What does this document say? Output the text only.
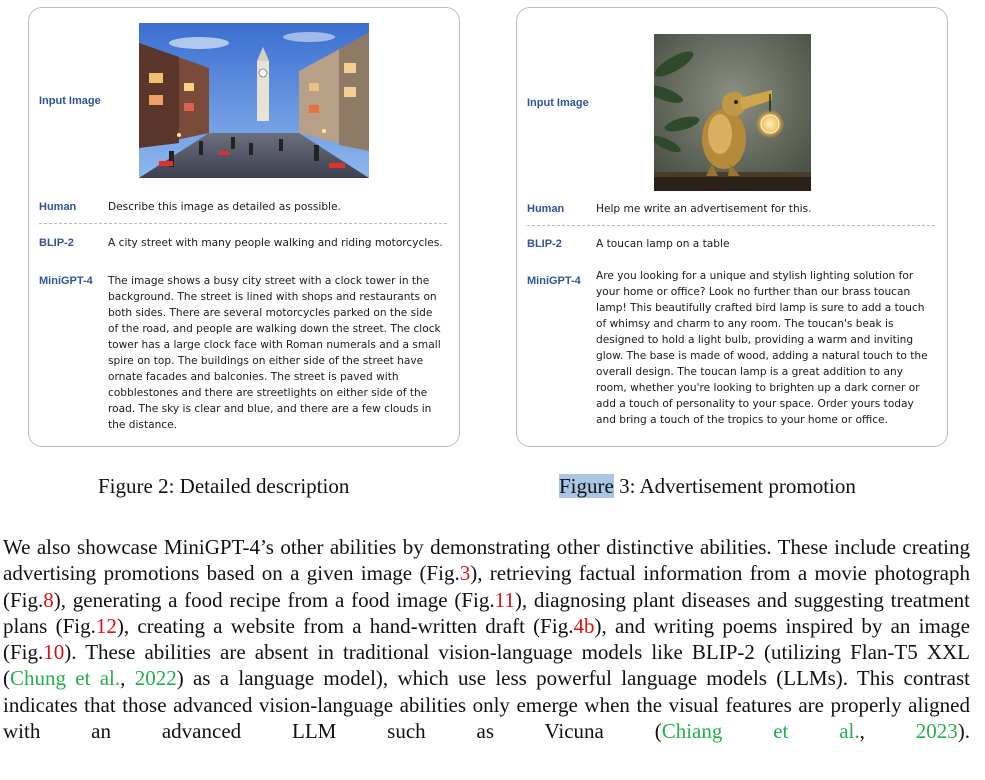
Input Image
Human	Describe this image as detailed as possible.
BLIP-2	A city street with many people walking and riding motorcycles.
MiniGPT-4 The image shows a busy city street with a clock tower in the
background. The street is lined with shops and restaurants on
both sides. There are several motorcycles parked on the side
of the road, and people are walking down the street. The clock
tower has a large clock face with Roman numerals and a small
spire on top. The buildings on either side of the street have
ornate facades and balconies. The street is paved with
cobblestones and there are streetlights on either side of the
road. The sky is clear and blue, and there are a few clouds in
the distance.
Input Image
Human	Help me write an advertisement for this.
BLIP-2	A toucan lamp on a table
MiniGPT-4 Are you looking for a unique and stylish lighting solution for
your home or office? Look no further than our brass toucan
lamp! This beautifully crafted bird lamp is sure to add a touch
of whimsy and charm to any room. The toucan's beak is
designed to hold a light bulb, providing a warm and inviting
glow. The base is made of wood, adding a natural touch to the
overall design. The toucan lamp is a great addition to any
room, whether you're looking to brighten up a dark corner or
add a touch of personality to your space. Order yours today
and bring a touch of the tropics to your home or office.
Figure 2: Detailed description	Figure 3: Advertisement promotion

We also showcase MiniGPT-4’s other abilities by demonstrating other distinctive abilities. These include creating advertising promotions based on a given image (Fig.3), retrieving factual information from a movie photograph (Fig.8), generating a food recipe from a food image (Fig.11), diagnosing plant diseases and suggesting treatment plans (Fig.12), creating a website from a hand-written draft (Fig.4b), and writing poems inspired by an image (Fig.10). These abilities are absent in traditional vision-language models like BLIP-2 (utilizing Flan-T5 XXL (Chung et al., 2022) as a language model), which use less powerful language models (LLMs). This contrast indicates that those advanced vision-language abilities only emerge when the visual features are properly aligned with an advanced LLM such as Vicuna (Chiang et al., 2023).
